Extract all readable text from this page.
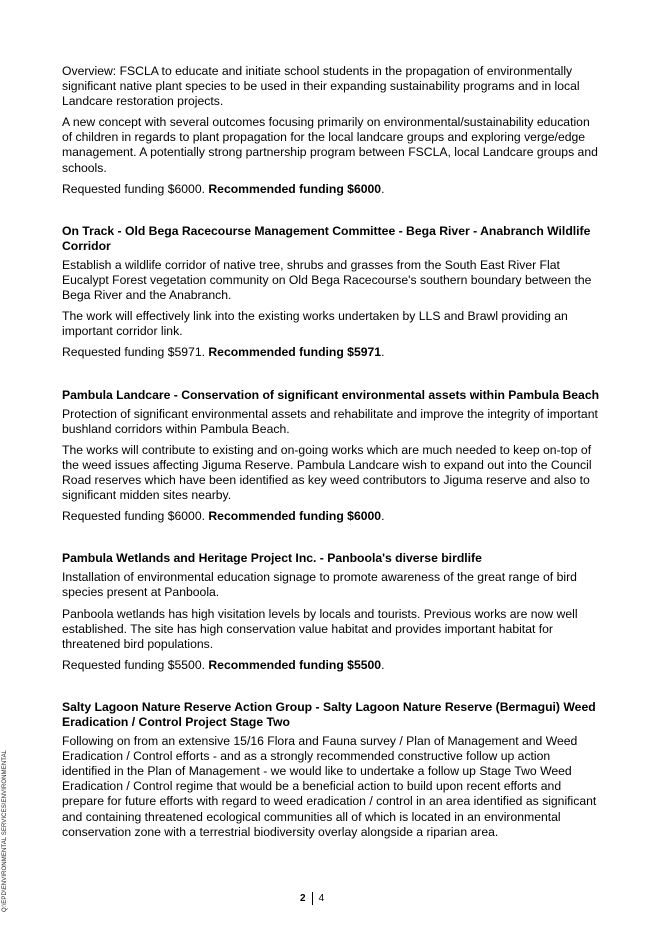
Overview: FSCLA to educate and initiate school students in the propagation of environmentally significant native plant species to be used in their expanding sustainability programs and in local Landcare restoration projects.

A new concept with several outcomes focusing primarily on environmental/sustainability education of children in regards to plant propagation for the local landcare groups and exploring verge/edge management. A potentially strong partnership program between FSCLA, local Landcare groups and schools.

Requested funding $6000. Recommended funding $6000.

On Track - Old Bega Racecourse Management Committee - Bega River - Anabranch Wildlife Corridor

Establish a wildlife corridor of native tree, shrubs and grasses from the South East River Flat Eucalypt Forest vegetation community on Old Bega Racecourse's southern boundary between the Bega River and the Anabranch.

The work will effectively link into the existing works undertaken by LLS and Brawl providing an important corridor link.

Requested funding $5971. Recommended funding $5971.

Pambula Landcare - Conservation of significant environmental assets within Pambula Beach

Protection of significant environmental assets and rehabilitate and improve the integrity of important bushland corridors within Pambula Beach.

The works will contribute to existing and on-going works which are much needed to keep on-top of the weed issues affecting Jiguma Reserve. Pambula Landcare wish to expand out into the Council Road reserves which have been identified as key weed contributors to Jiguma reserve and also to significant midden sites nearby.

Requested funding $6000. Recommended funding $6000.

Pambula Wetlands and Heritage Project Inc. - Panboola's diverse birdlife

Installation of environmental education signage to promote awareness of the great range of bird species present at Panboola.

Panboola wetlands has high visitation levels by locals and tourists. Previous works are now well established. The site has high conservation value habitat and provides important habitat for threatened bird populations.

Requested funding $5500. Recommended funding $5500.

Salty Lagoon Nature Reserve Action Group - Salty Lagoon Nature Reserve (Bermagui) Weed Eradication / Control Project Stage Two

Following on from an extensive 15/16 Flora and Fauna survey / Plan of Management and Weed Eradication / Control efforts - and as a strongly recommended constructive follow up action identified in the Plan of Management - we would like to undertake a follow up Stage Two Weed Eradication / Control regime that would be a beneficial action to build upon recent efforts and prepare for future efforts with regard to weed eradication / control in an area identified as significant and containing threatened ecological communities all of which is located in an environmental conservation zone with a terrestrial biodiversity overlay alongside a riparian area.

Q:\EPD\ENVIRONMENTAL SERVICES\ENVIRONMENTAL	2 4
